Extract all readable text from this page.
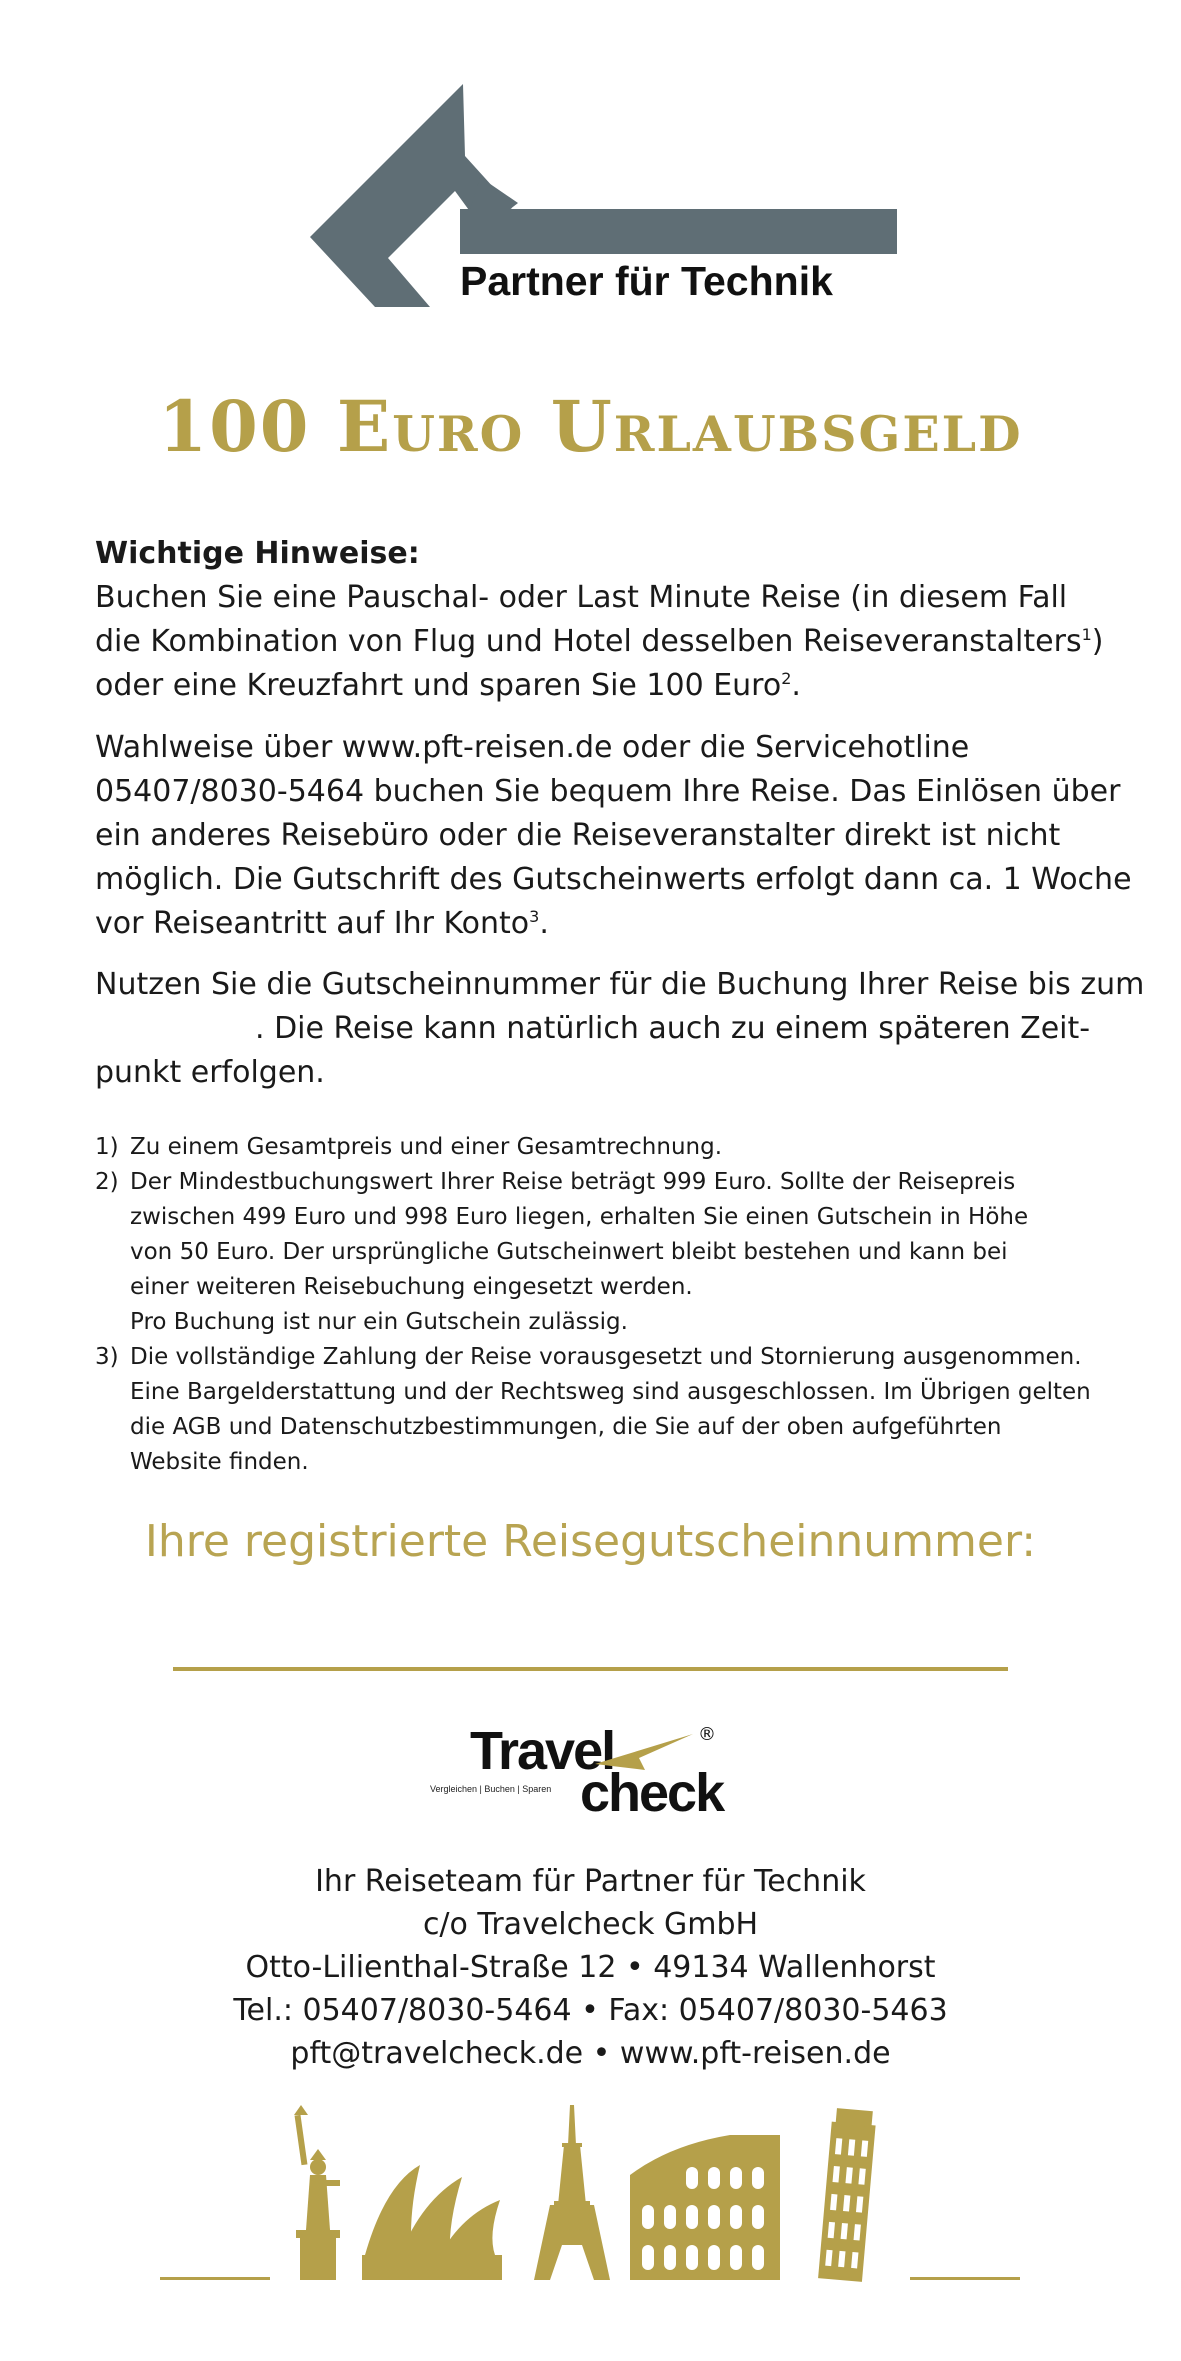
Partner für Technik
100 Euro Urlaubsgeld
Wichtige Hinweise:
Buchen Sie eine Pauschal- oder Last Minute Reise (in diesem Fall
die Kombination von Flug und Hotel desselben Reiseveranstalters$^1$)
oder eine Kreuzfahrt und sparen Sie 100 Euro$^2$.
Wahlweise über www.pft-reisen.de oder die Servicehotline
05407/8030-5464 buchen Sie bequem Ihre Reise. Das Einlösen über
ein anderes Reisebüro oder die Reiseveranstalter direkt ist nicht
möglich. Die Gutschrift des Gutscheinwerts erfolgt dann ca. 1 Woche
vor Reiseantritt auf Ihr Konto$^3$.
Nutzen Sie die Gutscheinnummer für die Buchung Ihrer Reise bis zum
. Die Reise kann natürlich auch zu einem späteren Zeit-
punkt erfolgen.
1) Zu einem Gesamtpreis und einer Gesamtrechnung.
2) Der Mindestbuchungswert Ihrer Reise beträgt 999 Euro. Sollte der Reisepreis
zwischen 499 Euro und 998 Euro liegen, erhalten Sie einen Gutschein in Höhe
von 50 Euro. Der ursprüngliche Gutscheinwert bleibt bestehen und kann bei
einer weiteren Reisebuchung eingesetzt werden.
Pro Buchung ist nur ein Gutschein zulässig.
3) Die vollständige Zahlung der Reise vorausgesetzt und Stornierung ausgenommen.
Eine Bargelderstattung und der Rechtsweg sind ausgeschlossen. Im Übrigen gelten
die AGB und Datenschutzbestimmungen, die Sie auf der oben aufgeführten
Website finden.
Ihre registrierte Reisegutscheinnummer:
Travel	®
check
Vergleichen | Buchen | Sparen
Ihr Reiseteam für Partner für Technik
c/o Travelcheck GmbH
Otto-Lilienthal-Straße 12 • 49134 Wallenhorst
Tel.: 05407/8030-5464 • Fax: 05407/8030-5463
pft@travelcheck.de • www.pft-reisen.de
